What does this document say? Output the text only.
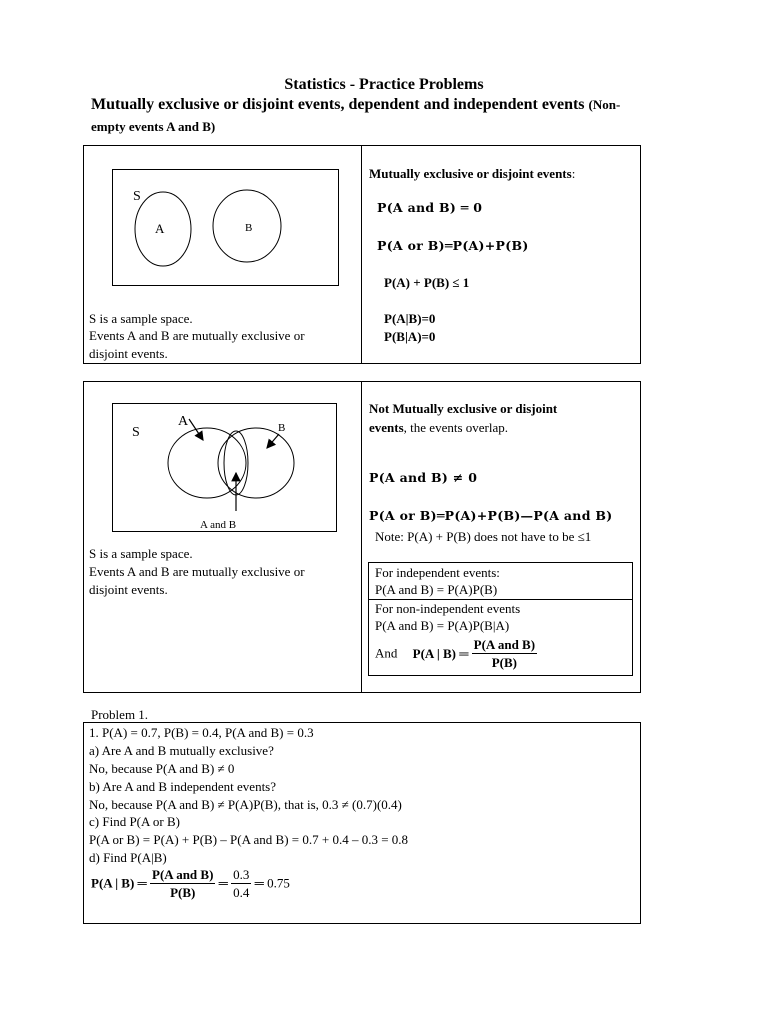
Statistics - Practice Problems
Mutually exclusive or disjoint events, dependent and independent events (Non-
empty events A and B)
S
A	B
S is a sample space.
Events A and B are mutually exclusive or
disjoint events.
Mutually exclusive or disjoint events:
P(A and B) ═ 0
P(A or B)═P(A)+P(B)
P(A) + P(B) ≤ 1
P(A|B)=0
P(B|A)=0
S
A	B
A and B
S is a sample space.
Events A and B are mutually exclusive or
disjoint events.
Not Mutually exclusive or disjoint
events, the events overlap.
P(A and B) ≠ 0
P(A or B)═P(A)+P(B)—P(A and B)
Note: P(A) + P(B) does not have to be ≤1
For independent events:
P(A and B) = P(A)P(B)
For non-independent events
P(A and B) = P(A)P(B|A)
And P(A | B) ═ $\frac{\text{P(A and B)}}{P(B)}$
Problem 1.
1. P(A) = 0.7, P(B) = 0.4, P(A and B) = 0.3
a) Are A and B mutually exclusive?
No, because P(A and B) ≠ 0
b) Are A and B independent events?
No, because P(A and B) ≠ P(A)P(B), that is, 0.3 ≠ (0.7)(0.4)
c) Find P(A or B)
P(A or B) = P(A) + P(B) – P(A and B) = 0.7 + 0.4 – 0.3 = 0.8
d) Find P(A|B)
P(A | B) ═ $\frac{\text{P(A and B)}}{P(B)}$ ═ $\frac{0.3}{0.4}$ ═ 0.75
